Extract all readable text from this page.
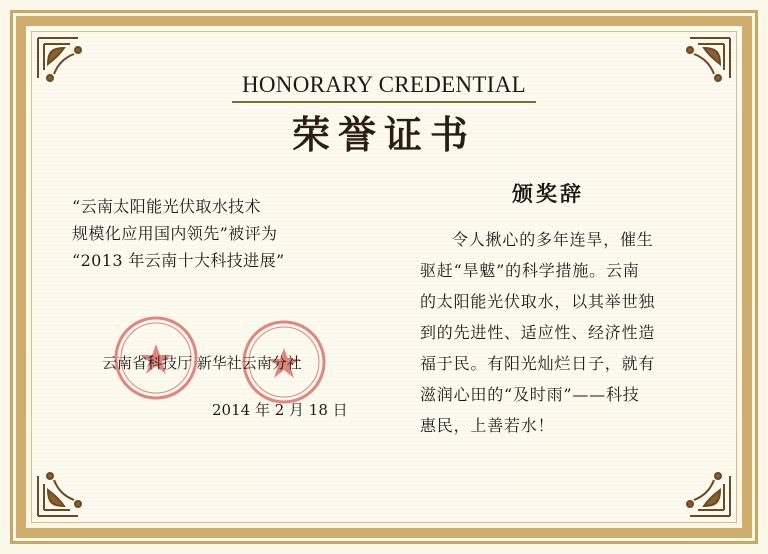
HONORARY CREDENTIAL
荣誉证书
“云南太阳能光伏取水技术
规模化应用国内领先”被评为
“2013 年云南十大科技进展”
云南省科技厅 新华社云南分社
2014 年 2 月 18 日
颁奖辞
令人揪心的多年连旱，催生
驱赶“旱魃”的科学措施。云南
的太阳能光伏取水，以其举世独
到的先进性、适应性、经济性造
福于民。有阳光灿烂日子，就有
滋润心田的“及时雨”——科技
惠民，上善若水！
